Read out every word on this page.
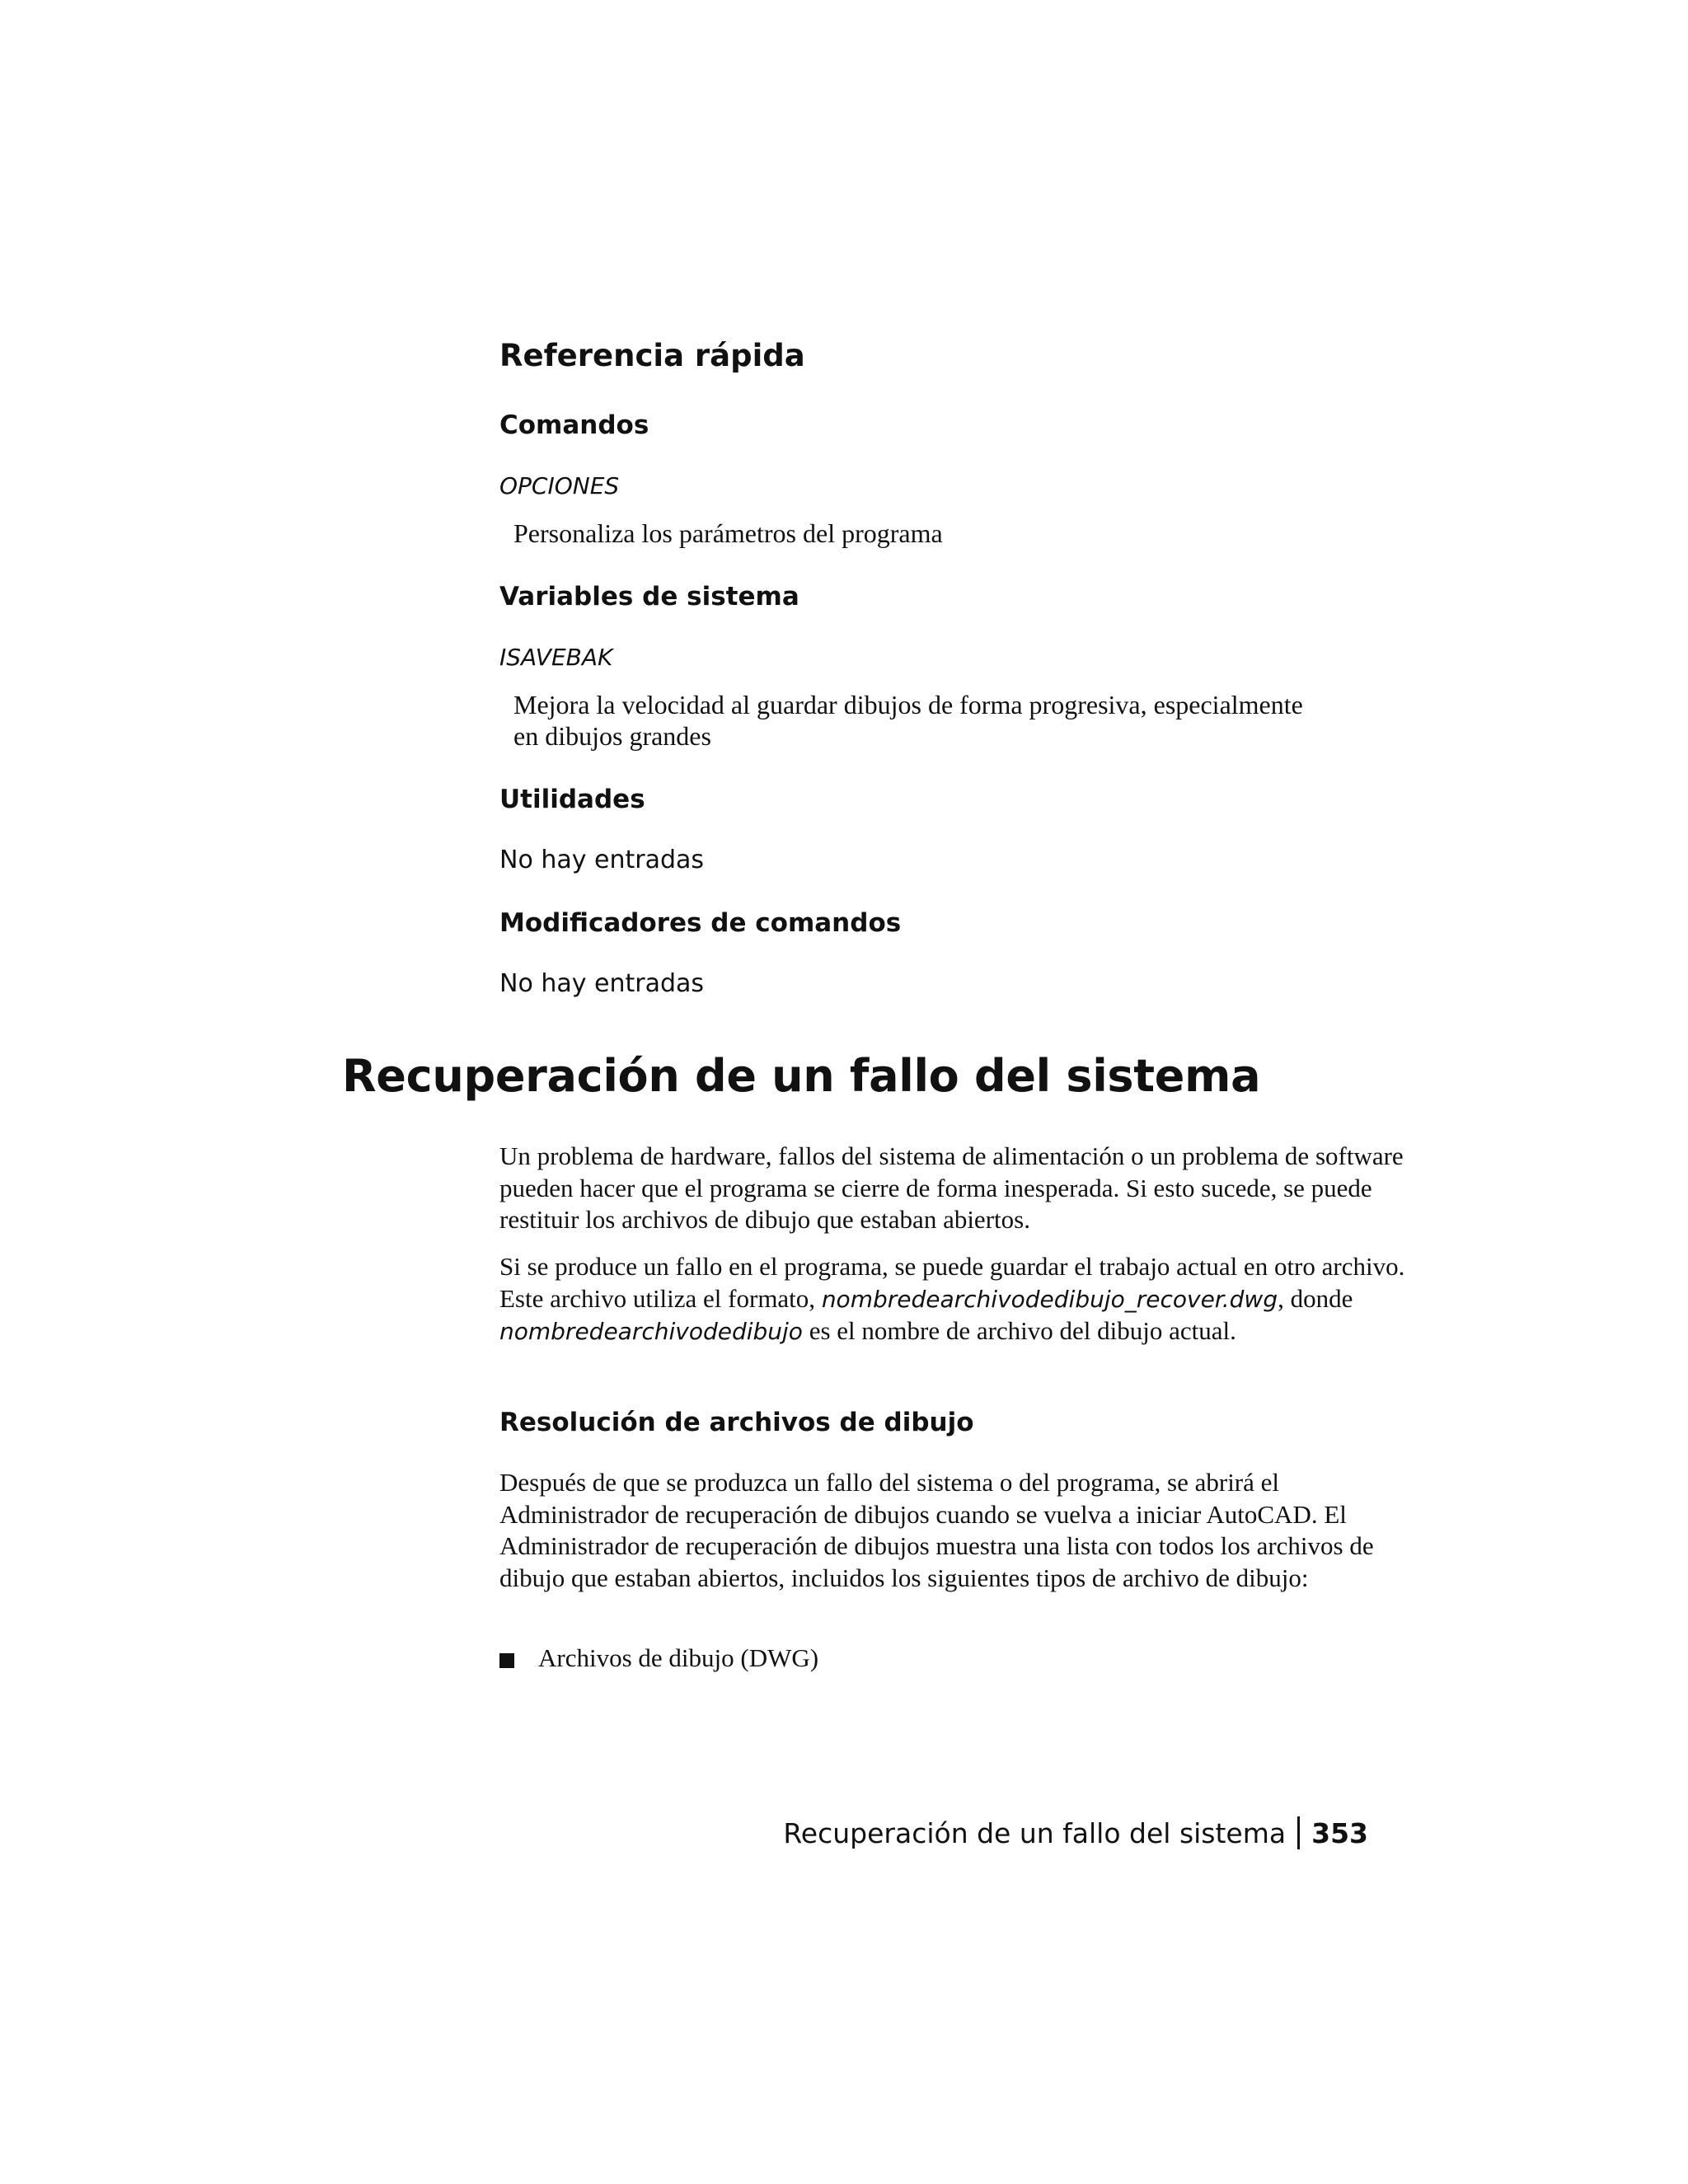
Referencia rápida
Comandos
OPCIONES
Personaliza los parámetros del programa
Variables de sistema
ISAVEBAK
Mejora la velocidad al guardar dibujos de forma progresiva, especialmente
en dibujos grandes
Utilidades
No hay entradas
Modificadores de comandos
No hay entradas
Recuperación de un fallo del sistema

Un problema de hardware, fallos del sistema de alimentación o un problema de software pueden hacer que el programa se cierre de forma inesperada. Si esto sucede, se puede restituir los archivos de dibujo que estaban abiertos.

Si se produce un fallo en el programa, se puede guardar el trabajo actual en otro archivo. Este archivo utiliza el formato, nombredearchivodedibujo_recover.dwg, donde nombredearchivodedibujo es el nombre de archivo del dibujo actual.

Resolución de archivos de dibujo

Después de que se produzca un fallo del sistema o del programa, se abrirá el Administrador de recuperación de dibujos cuando se vuelva a iniciar AutoCAD. El Administrador de recuperación de dibujos muestra una lista con todos los archivos de dibujo que estaban abiertos, incluidos los siguientes tipos de archivo de dibujo:

Archivos de dibujo (DWG)
Recuperación de un fallo del sistema 353
